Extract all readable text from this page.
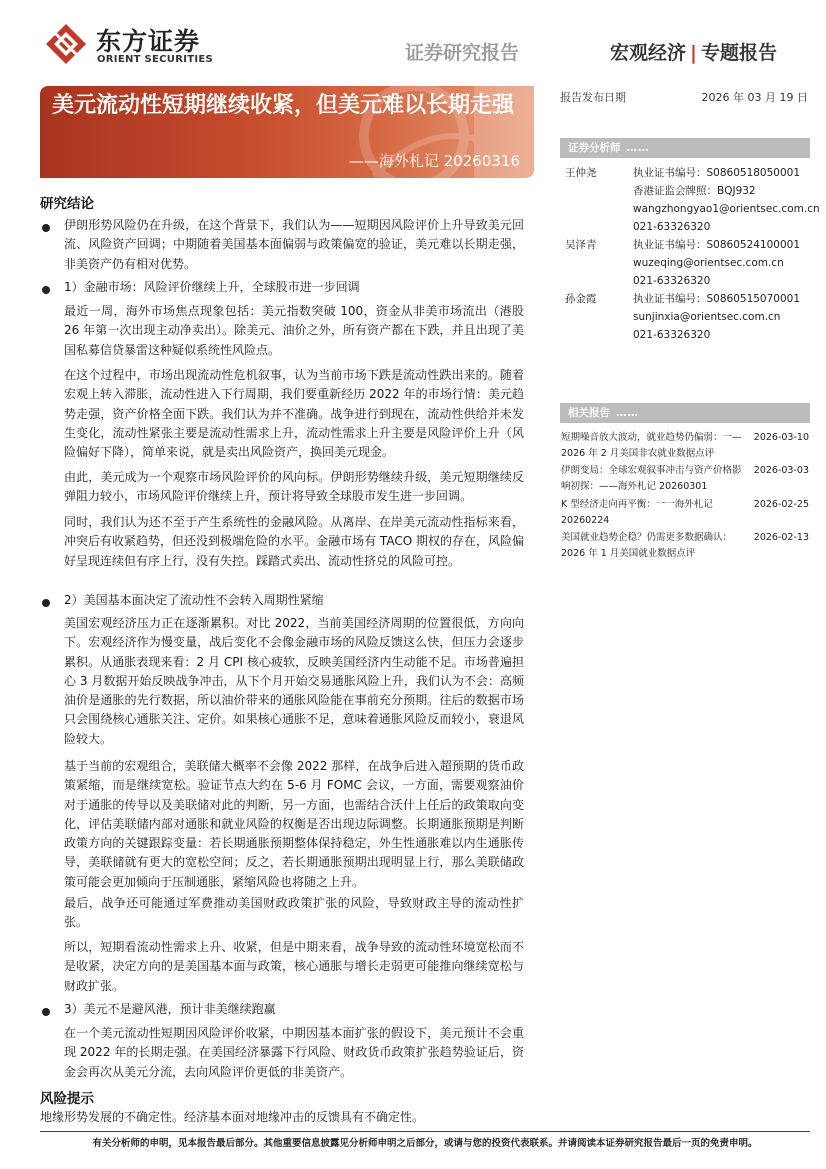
东方证券
ORIENT SECURITIES	证券研究报告	宏观经济 | 专题报告
美元流动性短期继续收紧，但美元难以长期走强
——海外札记 20260316
报告发布日期	2026 年 03 月 19 日
证券分析师 ……
王仲尧	执业证书编号：S0860518050001
香港证监会牌照：BQJ932
wangzhongyao1@orientsec.com.cn
021-63326320
吴泽青	执业证书编号：S0860524100001
wuzeqing@orientsec.com.cn
021-63326320
孙金霞	执业证书编号：S0860515070001
sunjinxia@orientsec.com.cn
021-63326320
相关报告 ……
短期噪音放大波动，就业趋势仍偏弱：一—2026 年 2 月美国非农就业数据点评
2026-03-10
伊朗变局：全球宏观叙事冲击与资产价格影响初探：——海外札记 20260301
2026-03-03
K 型经济走向再平衡：一一海外札记 20260224
2026-02-25
美国就业趋势企稳？仍需更多数据确认：2026 年 1 月美国就业数据点评
2026-02-13
研究结论
伊朗形势风险仍在升级，在这个背景下，我们认为——短期因风险评价上升导致美元回流、风险资产回调；中期随着美国基本面偏弱与政策偏宽的验证，美元难以长期走强，非美资产仍有相对优势。
1）金融市场：风险评价继续上升，全球股市进一步回调
最近一周，海外市场焦点现象包括：美元指数突破 100，资金从非美市场流出（港股 26 年第一次出现主动净卖出）。除美元、油价之外，所有资产都在下跌，并且出现了美国私募信贷暴雷这种疑似系统性风险点。
在这个过程中，市场出现流动性危机叙事，认为当前市场下跌是流动性跌出来的。随着宏观上转入滞胀，流动性进入下行周期，我们要重新经历 2022 年的市场行情：美元趋势走强，资产价格全面下跌。我们认为并不准确。战争进行到现在，流动性供给并未发生变化，流动性紧张主要是流动性需求上升，流动性需求上升主要是风险评价上升（风险偏好下降），简单来说，就是卖出风险资产，换回美元现金。
由此，美元成为一个观察市场风险评价的风向标。伊朗形势继续升级，美元短期继续反弹阻力较小，市场风险评价继续上升，预计将导致全球股市发生进一步回调。
同时，我们认为还不至于产生系统性的金融风险。从离岸、在岸美元流动性指标来看，冲突后有收紧趋势，但还没到极端危险的水平。金融市场有 TACO 期权的存在，风险偏好呈现连续但有序上行，没有失控。踩踏式卖出、流动性挤兑的风险可控。
2）美国基本面决定了流动性不会转入周期性紧缩
美国宏观经济压力正在逐渐累积。对比 2022，当前美国经济周期的位置很低，方向向下。宏观经济作为慢变量，战后变化不会像金融市场的风险反馈这么快，但压力会逐步累积。从通胀表现来看：2 月 CPI 核心疲软，反映美国经济内生动能不足。市场普遍担心 3 月数据开始反映战争冲击，从下个月开始交易通胀风险上升，我们认为不会：高频油价是通胀的先行数据，所以油价带来的通胀风险能在事前充分预期。往后的数据市场只会围绕核心通胀关注、定价。如果核心通胀不足，意味着通胀风险反而较小，衰退风险较大。
基于当前的宏观组合，美联储大概率不会像 2022 那样，在战争后进入超预期的货币政策紧缩，而是继续宽松。验证节点大约在 5-6 月 FOMC 会议，一方面，需要观察油价对于通胀的传导以及美联储对此的判断，另一方面，也需结合沃什上任后的政策取向变化，评估美联储内部对通胀和就业风险的权衡是否出现边际调整。长期通胀预期是判断政策方向的关键跟踪变量：若长期通胀预期整体保持稳定，外生性通胀难以内生通胀传导，美联储就有更大的宽松空间；反之，若长期通胀预期出现明显上行，那么美联储政策可能会更加倾向于压制通胀，紧缩风险也将随之上升。
最后，战争还可能通过军费推动美国财政政策扩张的风险，导致财政主导的流动性扩张。
所以，短期看流动性需求上升、收紧，但是中期来看，战争导致的流动性环境宽松而不是收紧，决定方向的是美国基本面与政策，核心通胀与增长走弱更可能推向继续宽松与财政扩张。
3）美元不是避风港，预计非美继续跑赢
在一个美元流动性短期因风险评价收紧，中期因基本面扩张的假设下，美元预计不会重现 2022 年的长期走强。在美国经济暴露下行风险、财政货币政策扩张趋势验证后，资金会再次从美元分流，去向风险评价更低的非美资产。
风险提示
地缘形势发展的不确定性。经济基本面对地缘冲击的反馈具有不确定性。
有关分析师的申明，见本报告最后部分。其他重要信息披露见分析师申明之后部分，或请与您的投资代表联系。并请阅读本证券研究报告最后一页的免责申明。
